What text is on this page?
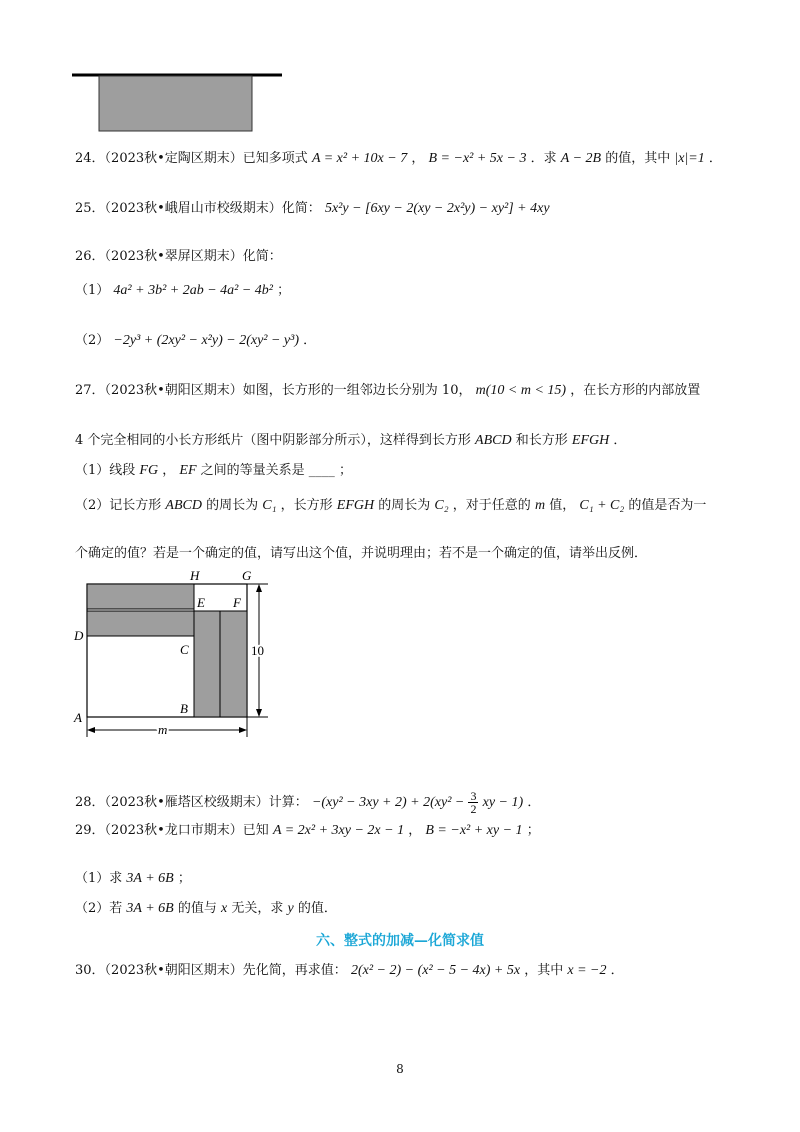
24．（2023秋•定陶区期末）已知多项式 A = x² + 10x − 7 ， B = −x² + 5x − 3 ．求 A − 2B 的值，其中 |x|=1 ．
25．（2023秋•峨眉山市校级期末）化简： 5x²y − [6xy − 2(xy − 2x²y) − xy²] + 4xy
26．（2023秋•翠屏区期末）化简：
（1） 4a² + 3b² + 2ab − 4a² − 4b² ；
（2） −2y³ + (2xy² − x²y) − 2(xy² − y³) ．
27．（2023秋•朝阳区期末）如图，长方形的一组邻边长分别为 10， m(10 < m < 15) ，在长方形的内部放置
4 个完全相同的小长方形纸片（图中阴影部分所示），这样得到长方形 ABCD 和长方形 EFGH ．
（1）线段 FG ， EF 之间的等量关系是 ____ ；
（2）记长方形 ABCD 的周长为 C₁ ，长方形 EFGH 的周长为 C₂ ，对于任意的 m 值， C₁ + C₂ 的值是否为一
个确定的值？若是一个确定的值，请写出这个值，并说明理由；若不是一个确定的值，请举出反例．
H	G
E F
D
C
B
A
10
m
28．（2023秋•雁塔区校级期末）计算： $-(xy^2 - 3xy + 2) + 2(xy^2 - \frac{3}{2}$ xy − 1) ．
29．（2023秋•龙口市期末）已知 A = 2x² + 3xy − 2x − 1 ， B = −x² + xy − 1 ；
（1）求 3A + 6B ；
（2）若 3A + 6B 的值与 x 无关，求 y 的值．
六、整式的加减—化简求值
30．（2023秋•朝阳区期末）先化简，再求值： 2(x² − 2) − (x² − 5 − 4x) + 5x ，其中 x = −2 ．
8
